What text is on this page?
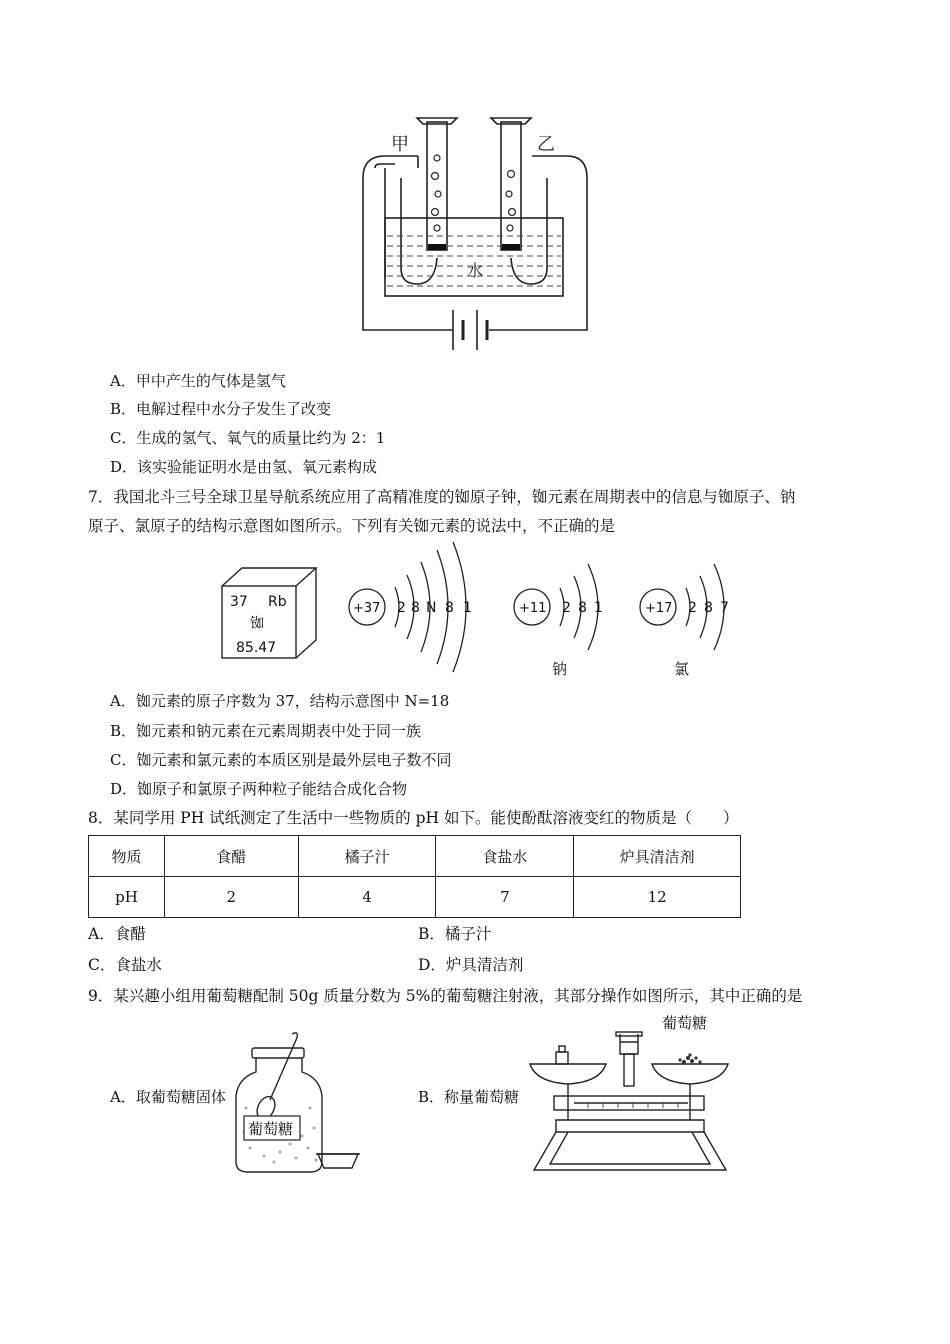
甲	乙
水
A．甲中产生的气体是氢气
B．电解过程中水分子发生了改变
C．生成的氢气、氧气的质量比约为 2：1
D．该实验能证明水是由氢、氧元素构成
7．我国北斗三号全球卫星导航系统应用了高精准度的铷原子钟，铷元素在周期表中的信息与铷原子、钠
原子、氯原子的结构示意图如图所示。下列有关铷元素的说法中，不正确的是
37 Rb
铷
85.47
+37 2 8 N 8 1	+11 2 8 1
钠
+17 2 8 7
氯
A．铷元素的原子序数为 37，结构示意图中 N=18
B．铷元素和钠元素在元素周期表中处于同一族
C．铷元素和氯元素的本质区别是最外层电子数不同
D．铷原子和氯原子两种粒子能结合成化合物
8．某同学用 PH 试纸测定了生活中一些物质的 pH 如下。能使酚酞溶液变红的物质是（　　）
物质	食醋	橘子汁	食盐水	炉具清洁剂
pH	2	4	7	12
A．食醋	B．橘子汁
C．食盐水	D．炉具清洁剂
9．某兴趣小组用葡萄糖配制 50g 质量分数为 5%的葡萄糖注射液，其部分操作如图所示，其中正确的是
A．取葡萄糖固体
葡萄糖
B．称量葡萄糖
葡萄糖
